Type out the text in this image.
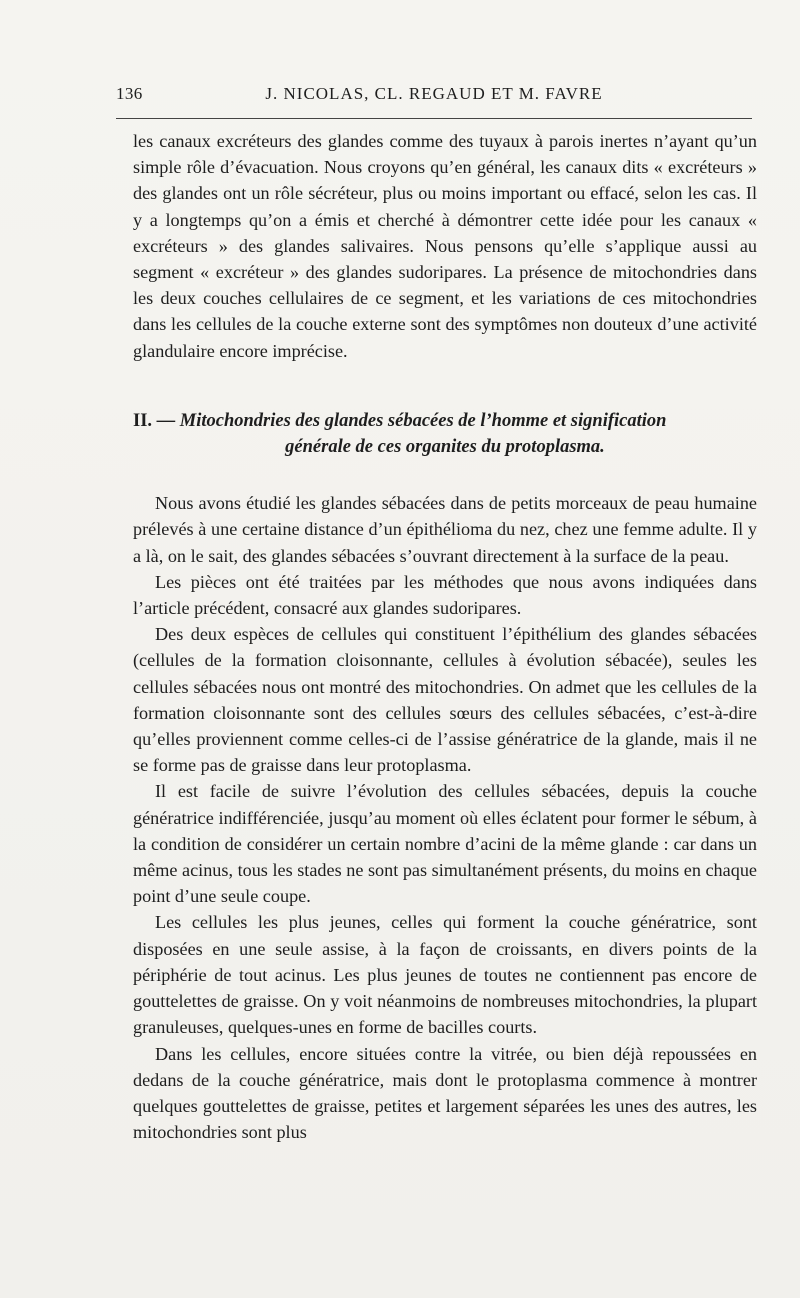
136	J. NICOLAS, CL. REGAUD ET M. FAVRE

les canaux excréteurs des glandes comme des tuyaux à parois inertes n’ayant qu’un simple rôle d’évacuation. Nous croyons qu’en général, les canaux dits « excréteurs » des glandes ont un rôle sécréteur, plus ou moins important ou effacé, selon les cas. Il y a longtemps qu’on a émis et cherché à démontrer cette idée pour les canaux « excréteurs » des glandes salivaires. Nous pensons qu’elle s’applique aussi au segment « excréteur » des glandes sudoripares. La présence de mitochondries dans les deux couches cellulaires de ce segment, et les variations de ces mitochondries dans les cellules de la couche externe sont des symptômes non douteux d’une activité glandulaire encore imprécise.

II. — Mitochondries des glandes sébacées de l’homme et signification
générale de ces organites du protoplasma.

Nous avons étudié les glandes sébacées dans de petits morceaux de peau humaine prélevés à une certaine distance d’un épithélioma du nez, chez une femme adulte. Il y a là, on le sait, des glandes sébacées s’ouvrant directement à la surface de la peau.

Les pièces ont été traitées par les méthodes que nous avons indiquées dans l’article précédent, consacré aux glandes sudoripares.

Des deux espèces de cellules qui constituent l’épithélium des glandes sébacées (cellules de la formation cloisonnante, cellules à évolution sébacée), seules les cellules sébacées nous ont montré des mitochondries. On admet que les cellules de la formation cloisonnante sont des cellules sœurs des cellules sébacées, c’est-à-dire qu’elles proviennent comme celles-ci de l’assise génératrice de la glande, mais il ne se forme pas de graisse dans leur protoplasma.

Il est facile de suivre l’évolution des cellules sébacées, depuis la couche génératrice indifférenciée, jusqu’au moment où elles éclatent pour former le sébum, à la condition de considérer un certain nombre d’acini de la même glande : car dans un même acinus, tous les stades ne sont pas simultanément présents, du moins en chaque point d’une seule coupe.

Les cellules les plus jeunes, celles qui forment la couche génératrice, sont disposées en une seule assise, à la façon de croissants, en divers points de la périphérie de tout acinus. Les plus jeunes de toutes ne contiennent pas encore de gouttelettes de graisse. On y voit néanmoins de nombreuses mitochondries, la plupart granuleuses, quelques-unes en forme de bacilles courts.

Dans les cellules, encore situées contre la vitrée, ou bien déjà repoussées en dedans de la couche génératrice, mais dont le protoplasma commence à montrer quelques gouttelettes de graisse, petites et largement séparées les unes des autres, les mitochondries sont plus
